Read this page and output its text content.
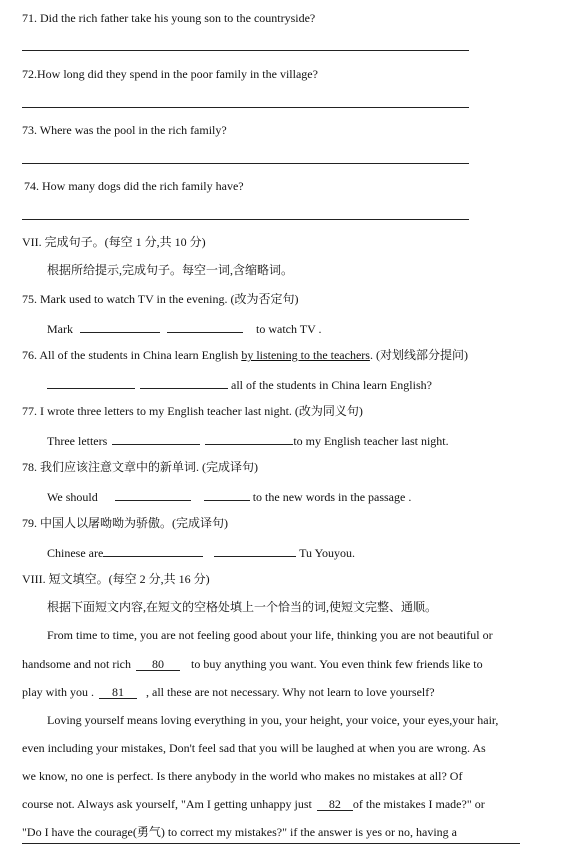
71. Did the rich father take his young son to the countryside?
72.How long did they spend in the poor family in the village?
73. Where was the pool in the rich family?
74. How many dogs did the rich family have?
VII. 完成句子。(每空 1 分,共 10 分)
根据所给提示,完成句子。每空一词,含缩略词。
75. Mark used to watch TV in the evening. (改为否定句)
Mark	to watch TV .
76. All of the students in China learn English by listening to the teachers. (对划线部分提问)
all of the students in China learn English?
77. I wrote three letters to my English teacher last night. (改为同义句)
Three letters	to my English teacher last night.
78. 我们应该注意文章中的新单词. (完成译句)
We should	to the new words in the passage .
79. 中国人以屠呦呦为骄傲。(完成译句)
Chinese are	Tu Youyou.
VIII. 短文填空。(每空 2 分,共 16 分)
根据下面短文内容,在短文的空格处填上一个恰当的词,使短文完整、通顺。
From time to time, you are not feeling good about your life, thinking you are not beautiful or
handsome and not rich 80 to buy anything you want. You even think few friends like to
play with you . 81 , all these are not necessary. Why not learn to love yourself?
Loving yourself means loving everything in you, your height, your voice, your eyes,your hair,
even including your mistakes, Don't feel sad that you will be laughed at when you are wrong. As
we know, no one is perfect. Is there anybody in the world who makes no mistakes at all? Of
course not. Always ask yourself, "Am I getting unhappy just 82 of the mistakes I made?" or
"Do I have the courage(勇气) to correct my mistakes?" if the answer is yes or no, having a
